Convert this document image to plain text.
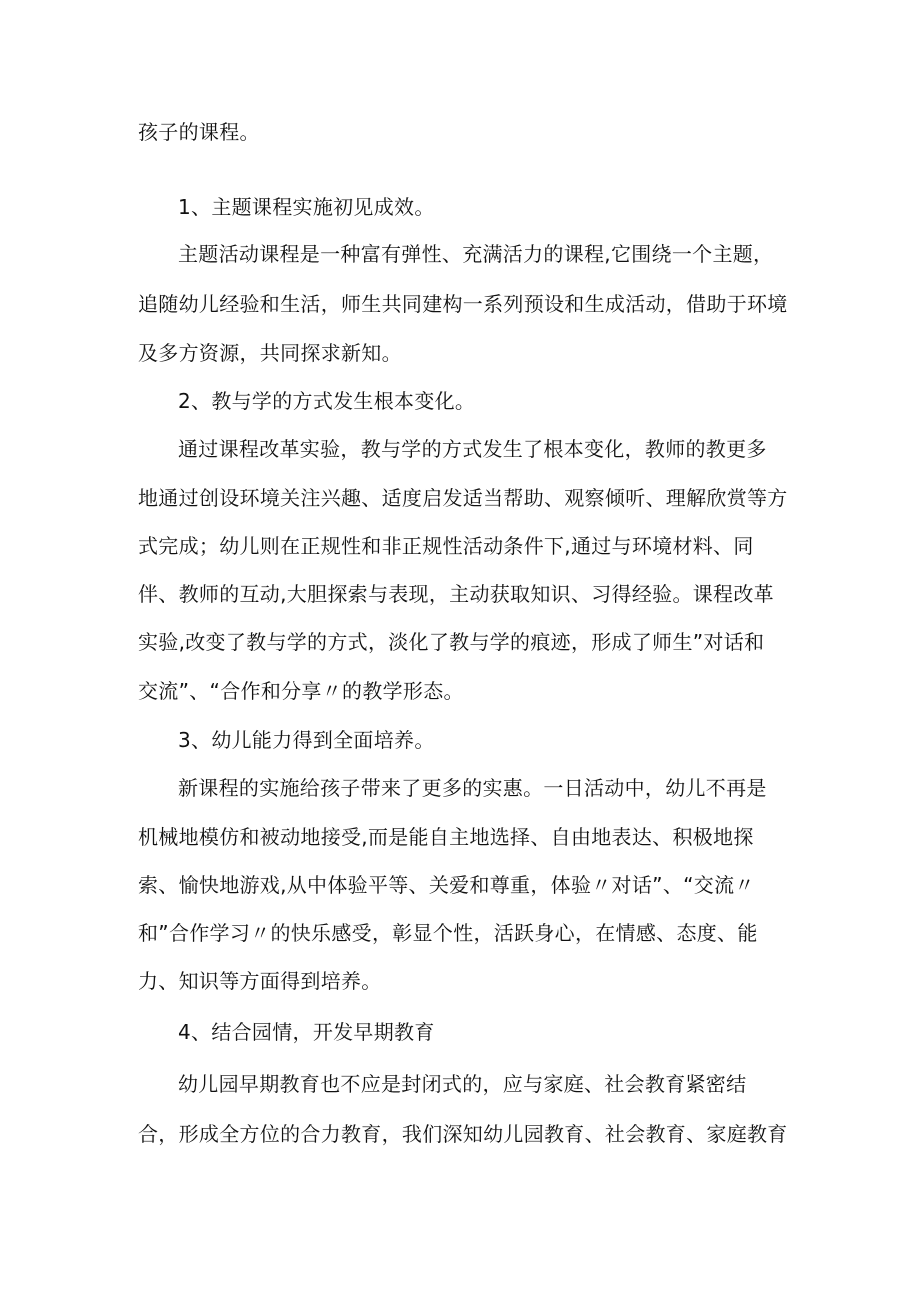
孩子的课程。
1、主题课程实施初见成效。
主题活动课程是一种富有弹性、充满活力的课程,它围绕一个主题，
追随幼儿经验和生活，师生共同建构一系列预设和生成活动，借助于环境
及多方资源，共同探求新知。
2、教与学的方式发生根本变化。
通过课程改革实验，教与学的方式发生了根本变化，教师的教更多
地通过创设环境关注兴趣、适度启发适当帮助、观察倾听、理解欣赏等方
式完成；幼儿则在正规性和非正规性活动条件下,通过与环境材料、同
伴、教师的互动,大胆探索与表现，主动获取知识、习得经验。课程改革
实验,改变了教与学的方式，淡化了教与学的痕迹，形成了师生”对话和
交流”、“合作和分享〃的教学形态。
3、幼儿能力得到全面培养。
新课程的实施给孩子带来了更多的实惠。一日活动中，幼儿不再是
机械地模仿和被动地接受,而是能自主地选择、自由地表达、积极地探
索、愉快地游戏,从中体验平等、关爱和尊重，体验〃对话”、“交流〃
和”合作学习〃的快乐感受，彰显个性，活跃身心，在情感、态度、能
力、知识等方面得到培养。
4、结合园情，开发早期教育
幼儿园早期教育也不应是封闭式的，应与家庭、社会教育紧密结
合，形成全方位的合力教育，我们深知幼儿园教育、社会教育、家庭教育
